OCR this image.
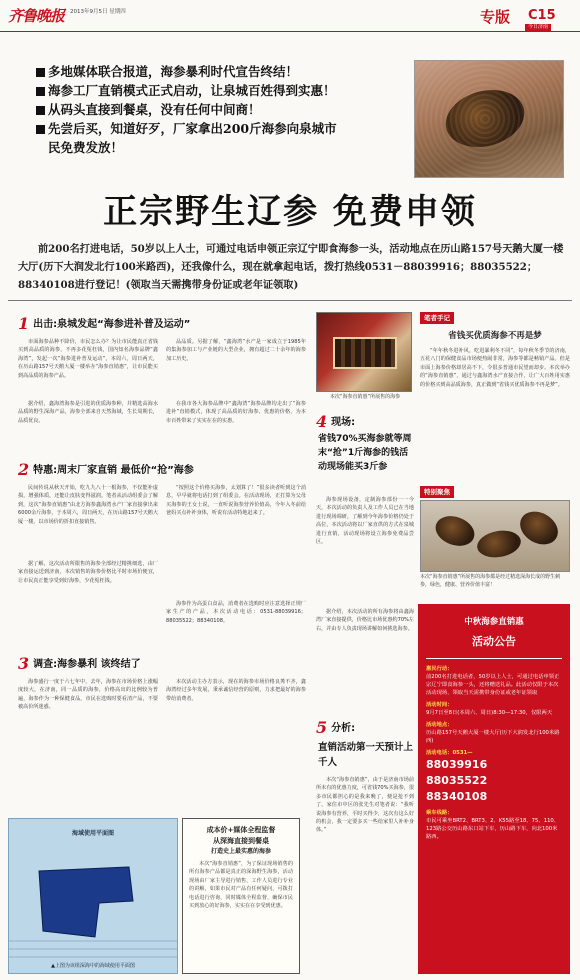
齐鲁晚报 2013年9月5日 星期四	专版 C15
今日济南
多地媒体联合报道，海参暴利时代宣告终结！
海参工厂直销模式正式启动，让泉城百姓得到实惠！
从码头直接到餐桌，没有任何中间商！
先尝后买，知道好歹，厂家拿出200斤海参向泉城市
民免费发放！
正宗野生辽参 免费申领
前200名打进电话，50岁以上人士，可通过电话申领正宗辽宁即食海参一头，活动地点在历山路157号天鹅大厦一楼大厅(历下大润发北行100米路西)，还我像什么，现在就拿起电话，拨打热线0531－88039916；88035522；88340108进行登记！(领取当天需携带身份证或老年证领取)
1 出击:泉城发起“海参进补普及运动”
市面海参品种不降价，市民怎么办？为让市民能真正省钱买到高品质的海参，不再多花冤枉钱，国内知名海参品牌“鑫海湾”，发起一次“海参进补普及运动”，本周六，周日两天，在历山路157号天鹅大厦一楼举办“海参直销惠”，让市民能买到高品质的海参产品。
据介绍，鑫海湾海参是引进的优质海参种，并精选高海水品质的野生深海产品，海参全部来自天然海域，生长周期长，品质优良。
品品质。另据了解，“鑫海湾”水产是一家成立于1985年的集海参加工与产业链的大型企业，拥有超过二十余年的海参加工历史。
在我市各大海参品牌中“鑫海湾”海参品牌均走出了“海参进补”直销模式，体现了高品质的好海参、优惠的价格，为本市百姓带来了实实在在的实惠。
2 特惠:周末厂家直销 最低价“抢”海参
民间传说从秋天开始，吃九九八十一根海参，不仅能补虚损，增强体质，还能让皮肤变得滋润。笔者从活动组委会了解到，这次“海参直销惠”由北方海参鑫海湾水产厂家直接拿出来6000余斤海参，于本周六，周日两天，在历山路157号天鹅大厦一楼，以市场价的折扣直接销售。
据了解，这次活动所限售的海参全部经过精挑细选，由厂家直接运送到济南，本次销售的海参价格比平时市场价便宜，让市民真正能享受到好海参，少花冤枉钱。
“按照这个价格买海参，太划算了！”很多读者听到这个消息，早早就将电话打到了组委会。在活动现场，正打算为父母买海参的王女士说，一直听说海参营养价值高，今年入冬前给爸妈买点补补身体，听说有活动特地赶来了。
海参作为高蛋白食品，消费者在选购时应注意选择正规厂家生产的产品，本次活动电话：0531-88039916；88035522；88340108。
3 调查:海参暴利 该终结了
海参盛行一度于六七年中，去年，海参在市场价格上涨幅度较大，在济南，同一品质的海参，价格高出的比例较为普遍，海参作为一种保健食品，市民在选购时要看清产品，不要被高价所迷惑。
本次活动主办方表示，现在的海参市场价格良莠不齐，鑫海湾经过多年发展，秉承诚信经营的原则，力求把最好的海参带给消费者。
本次“海参直销惠”所展售的海参
4 现场:
省钱70%买海参就等周末“抢”1斤海参的钱活动现场能买3斤参
海参现场设备，定制海参部份一一今天，本次活动的负责人及工作人员已在当地进行现场调研，了解到今年海参价格仍处于高位，本次活动将以厂家直供的方式在泉城进行直销，活动现场将设立海参免费品尝区。
据介绍，本次活动的所有海参将由鑫海湾厂家直接提供，价格比市场优惠约70%左右，并由专人负责现场讲解如何挑选海参。
5 分析:
直销活动第一天预计上千人
本次“海参直销惠”，由于是济南市场前所未有的优惠力度，可省钱70%买海参，很多市民都担心的是我来晚了，便是抢不到了。家住市中区的张先生对笔者说：“我听说海参有营养，平时买得少，这次有这么好的机会，我一定要多买一些给家里人补补身体。”
笔者手记
省钱买优质海参不再是梦
“年年秋冬进补风，吃进暴利冬不同”，每年秋冬季节的济南，五花八门的保健食品市场便热闹非常，海参等都是畅销产品。但是市面上海参价格却居高不下，令很多普通市民望而却步。本次举办的“海参直销惠”，通过与鑫海湾水产直接合作，让广大百姓用实惠的价格买到高品质海参，真正做到“省钱买优质海参不再是梦”。
特别聚焦
本次“海参直销惠”所展售的海参都是经过精选深海长成的野生刺参，绿色，健康、营养价值丰富！
中秋海参直销惠
活动公告
惠民行动：
前200名打进电话者，50岁以上人士，可通过电话申领正宗辽宁即食海参一头，还将赠送礼品。此活动仅限于本次活动现场，领取当天需携带身份证或老年证领取
活动时间：
9月7日至8日(本周六、周日)8:30—17:30，仅限两天
活动地点：
历山路157号天鹅大厦一楼大厅(历下大润发北行100米路西)
活动电话：0531—
88039916
88035522
88340108
乘车线路：
市民可乘坐BRT2、BRT3、2、K55路至18、75、110、123路公交历山路东口站下车，历山路下车，向北100米路西。
海域使用平面图
▲上图为该组深海中的海域使用平面图
成本价+媒体全程监督
从深海直接到餐桌
打造史上最实惠的海参
本次“海参直销惠”，为了保证现场销售的所有海参产品都是真正的深海野生海参，活动现场由厂家主导进行销售，工作人员进行专业的讲解，如果市民对产品有任何疑问，可拨打电话进行咨询，同时媒体全程监督，确保市民买到放心的好海参，实实在在享受到优惠。
